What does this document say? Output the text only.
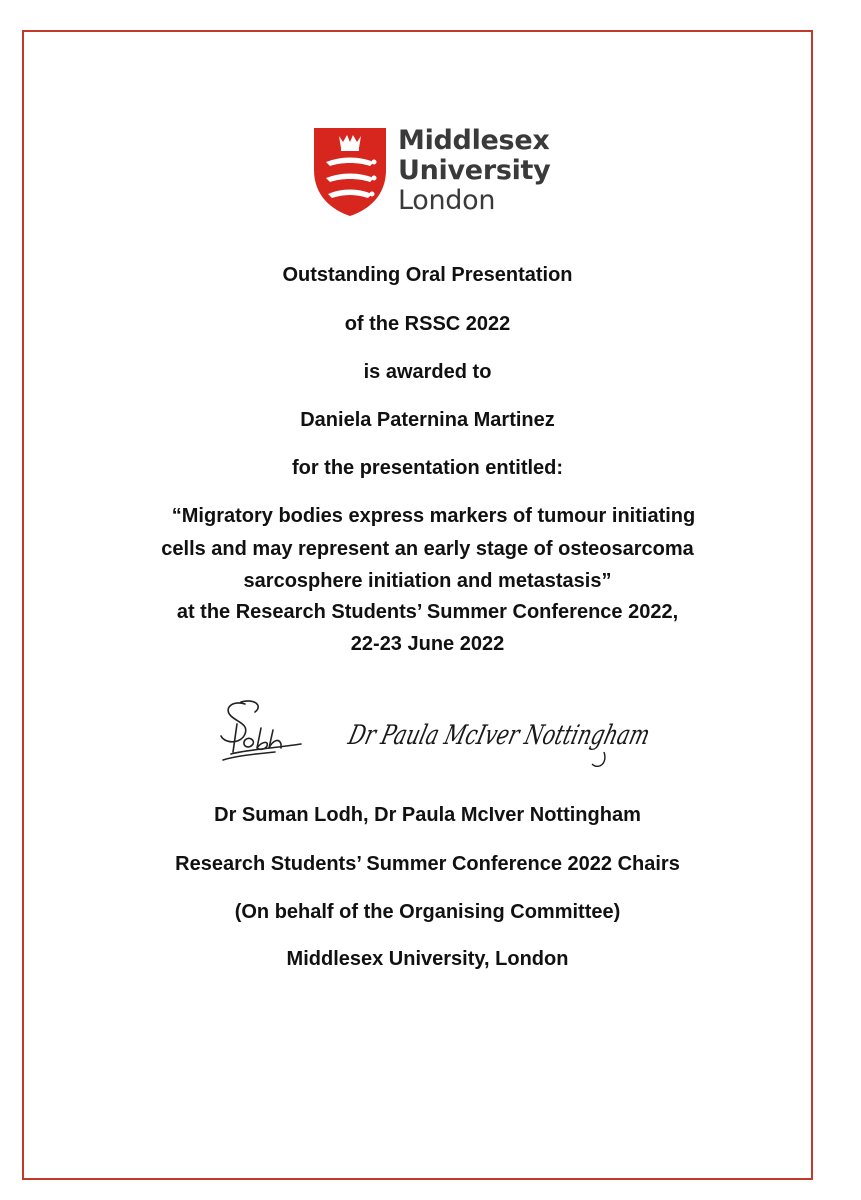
Middlesex
University
London
Outstanding Oral Presentation
of the RSSC 2022
is awarded to
Daniela Paternina Martinez
for the presentation entitled:
“Migratory bodies express markers of tumour initiating
cells and may represent an early stage of osteosarcoma
sarcosphere initiation and metastasis”
at the Research Students’ Summer Conference 2022,
22-23 June 2022
Dr Paula McIver Nottingham
Dr Suman Lodh, Dr Paula McIver Nottingham
Research Students’ Summer Conference 2022 Chairs
(On behalf of the Organising Committee)
Middlesex University, London
